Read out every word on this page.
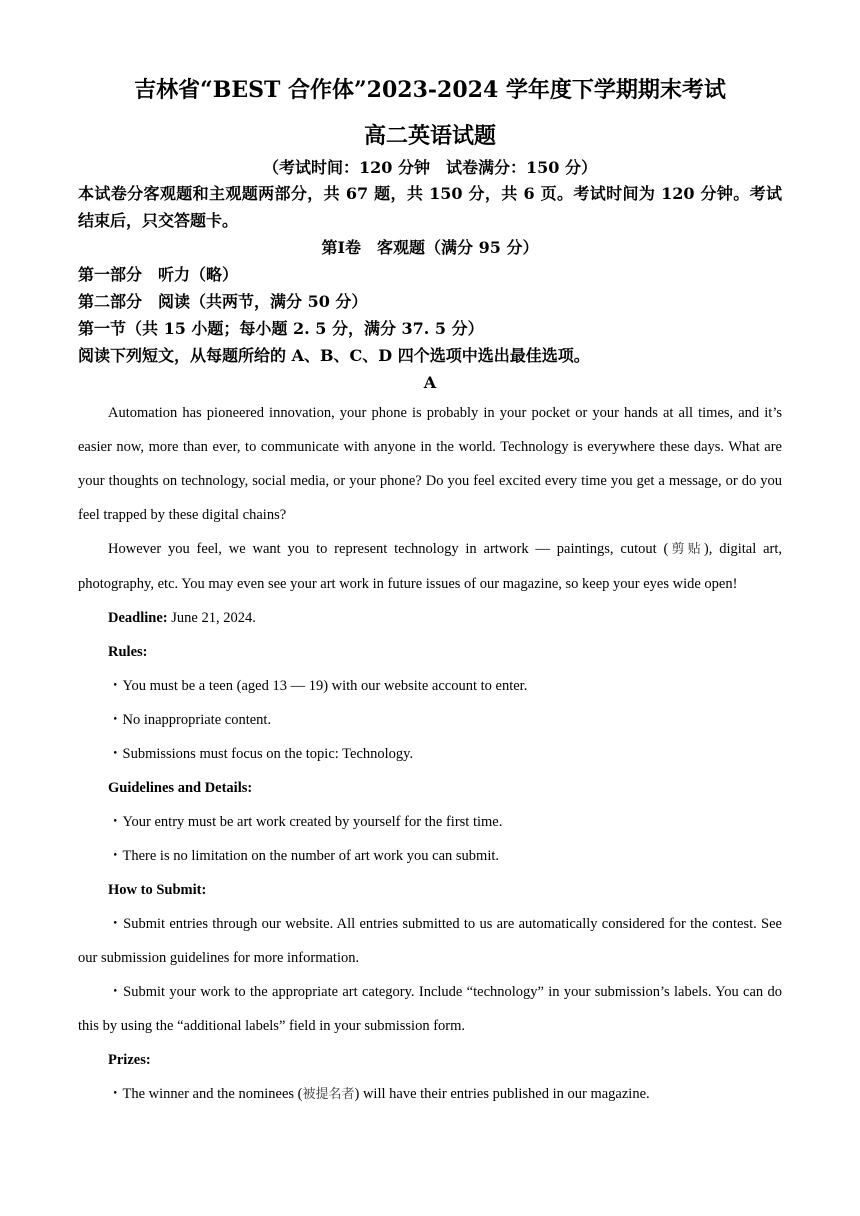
吉林省“BEST 合作体”2023-2024 学年度下学期期末考试
高二英语试题
（考试时间：120 分钟　试卷满分：150 分）
本试卷分客观题和主观题两部分，共 67 题，共 150 分，共 6 页。考试时间为 120 分钟。考试结束后，只交答题卡。
第Ⅰ卷　客观题（满分 95 分）
第一部分　听力（略）
第二部分　阅读（共两节，满分 50 分）
第一节（共 15 小题；每小题 2. 5 分，满分 37. 5 分）
阅读下列短文，从每题所给的 A、B、C、D 四个选项中选出最佳选项。
A

Automation has pioneered innovation, your phone is probably in your pocket or your hands at all times, and it’s easier now, more than ever, to communicate with anyone in the world. Technology is everywhere these days. What are your thoughts on technology, social media, or your phone? Do you feel excited every time you get a message, or do you feel trapped by these digital chains?

However you feel, we want you to represent technology in artwork — paintings, cutout (剪贴), digital art, photography, etc. You may even see your art work in future issues of our magazine, so keep your eyes wide open!

Deadline: June 21, 2024.

Rules:

・You must be a teen (aged 13 — 19) with our website account to enter.

・No inappropriate content.

・Submissions must focus on the topic: Technology.

Guidelines and Details:

・Your entry must be art work created by yourself for the first time.

・There is no limitation on the number of art work you can submit.

How to Submit:

・Submit entries through our website. All entries submitted to us are automatically considered for the contest. See our submission guidelines for more information.

・Submit your work to the appropriate art category. Include “technology” in your submission’s labels. You can do this by using the “additional labels” field in your submission form.

Prizes:

・The winner and the nominees (被提名者) will have their entries published in our magazine.
